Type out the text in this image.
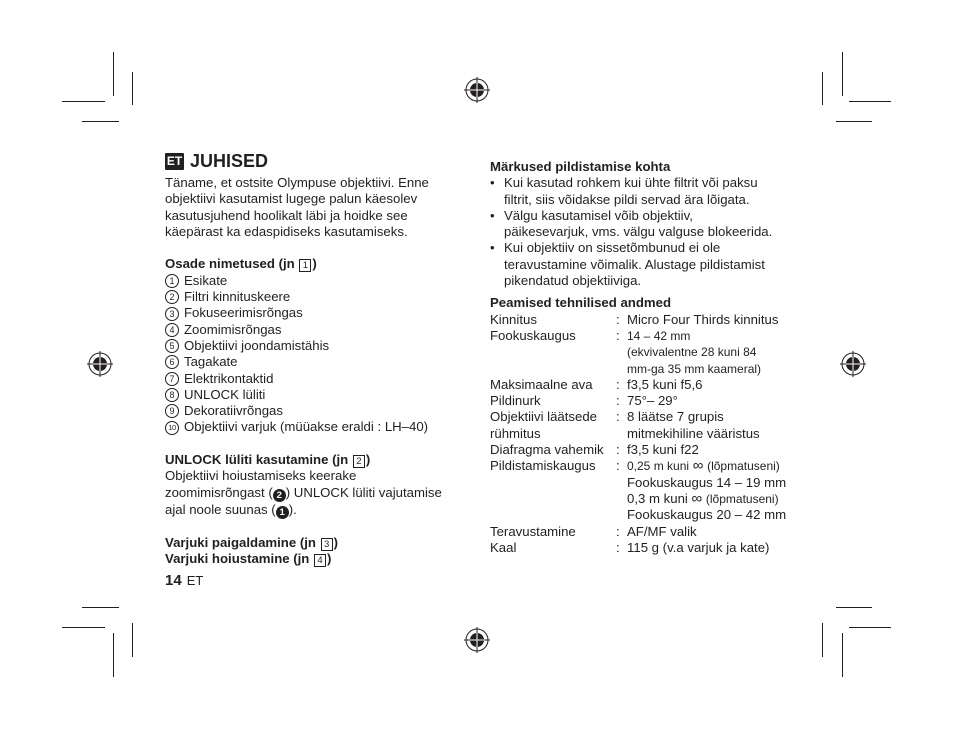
ET JUHISED

Täname, et ostsite Olympuse objektiivi. Enne

objektiivi kasutamist lugege palun käesolev

kasutusjuhend hoolikalt läbi ja hoidke see

käepärast ka edaspidiseks kasutamiseks.

Osade nimetused (jn 1 )

1 Esikate
2 Filtri kinnituskeere
3 Fokuseerimisrõngas
4 Zoomimisrõngas
5 Objektiivi joondamistähis
6 Tagakate
7 Elektrikontaktid
8 UNLOCK lüliti
9 Dekoratiivrõngas
10 Objektiivi varjuk (müüakse eraldi : LH–40)

UNLOCK lüliti kasutamine (jn 2 )

Objektiivi hoiustamiseks keerake

zoomimisrõngast ( 2 ) UNLOCK lüliti vajutamise

ajal noole suunas ( 1 ).

Varjuki paigaldamine (jn 3 )

Varjuki hoiustamine (jn 4 )

14 ET

Märkused pildistamise kohta

• Kui kasutad rohkem kui ühte filtrit või paksu

filtrit, siis võidakse pildi servad ära lõigata.

• Välgu kasutamisel võib objektiiv,

päikesevarjuk, vms. välgu valguse blokeerida.

• Kui objektiiv on sissetõmbunud ei ole

teravustamine võimalik. Alustage pildistamist

pikendatud objektiiviga.

Peamised tehnilised andmed

Kinnitus	: Micro Four Thirds kinnitus
Fookuskaugus	: 14 – 42 mm
(ekvivalentne 28 kuni 84
mm-ga 35 mm kaameral)
Maksimaalne ava	: f3,5 kuni f5,6
Pildinurk	: 75°– 29°
Objektiivi läätsede	: 8 läätse 7 grupis
rühmitus	mitmekihiline vääristus
Diafragma vahemik : f3,5 kuni f22
Pildistamiskaugus	: 0,25 m kuni ∞ (lõpmatuseni)
Fookuskaugus 14 – 19 mm
0,3 m kuni ∞ (lõpmatuseni)
Fookuskaugus 20 – 42 mm
Teravustamine	: AF/MF valik
Kaal	: 115 g (v.a varjuk ja kate)
